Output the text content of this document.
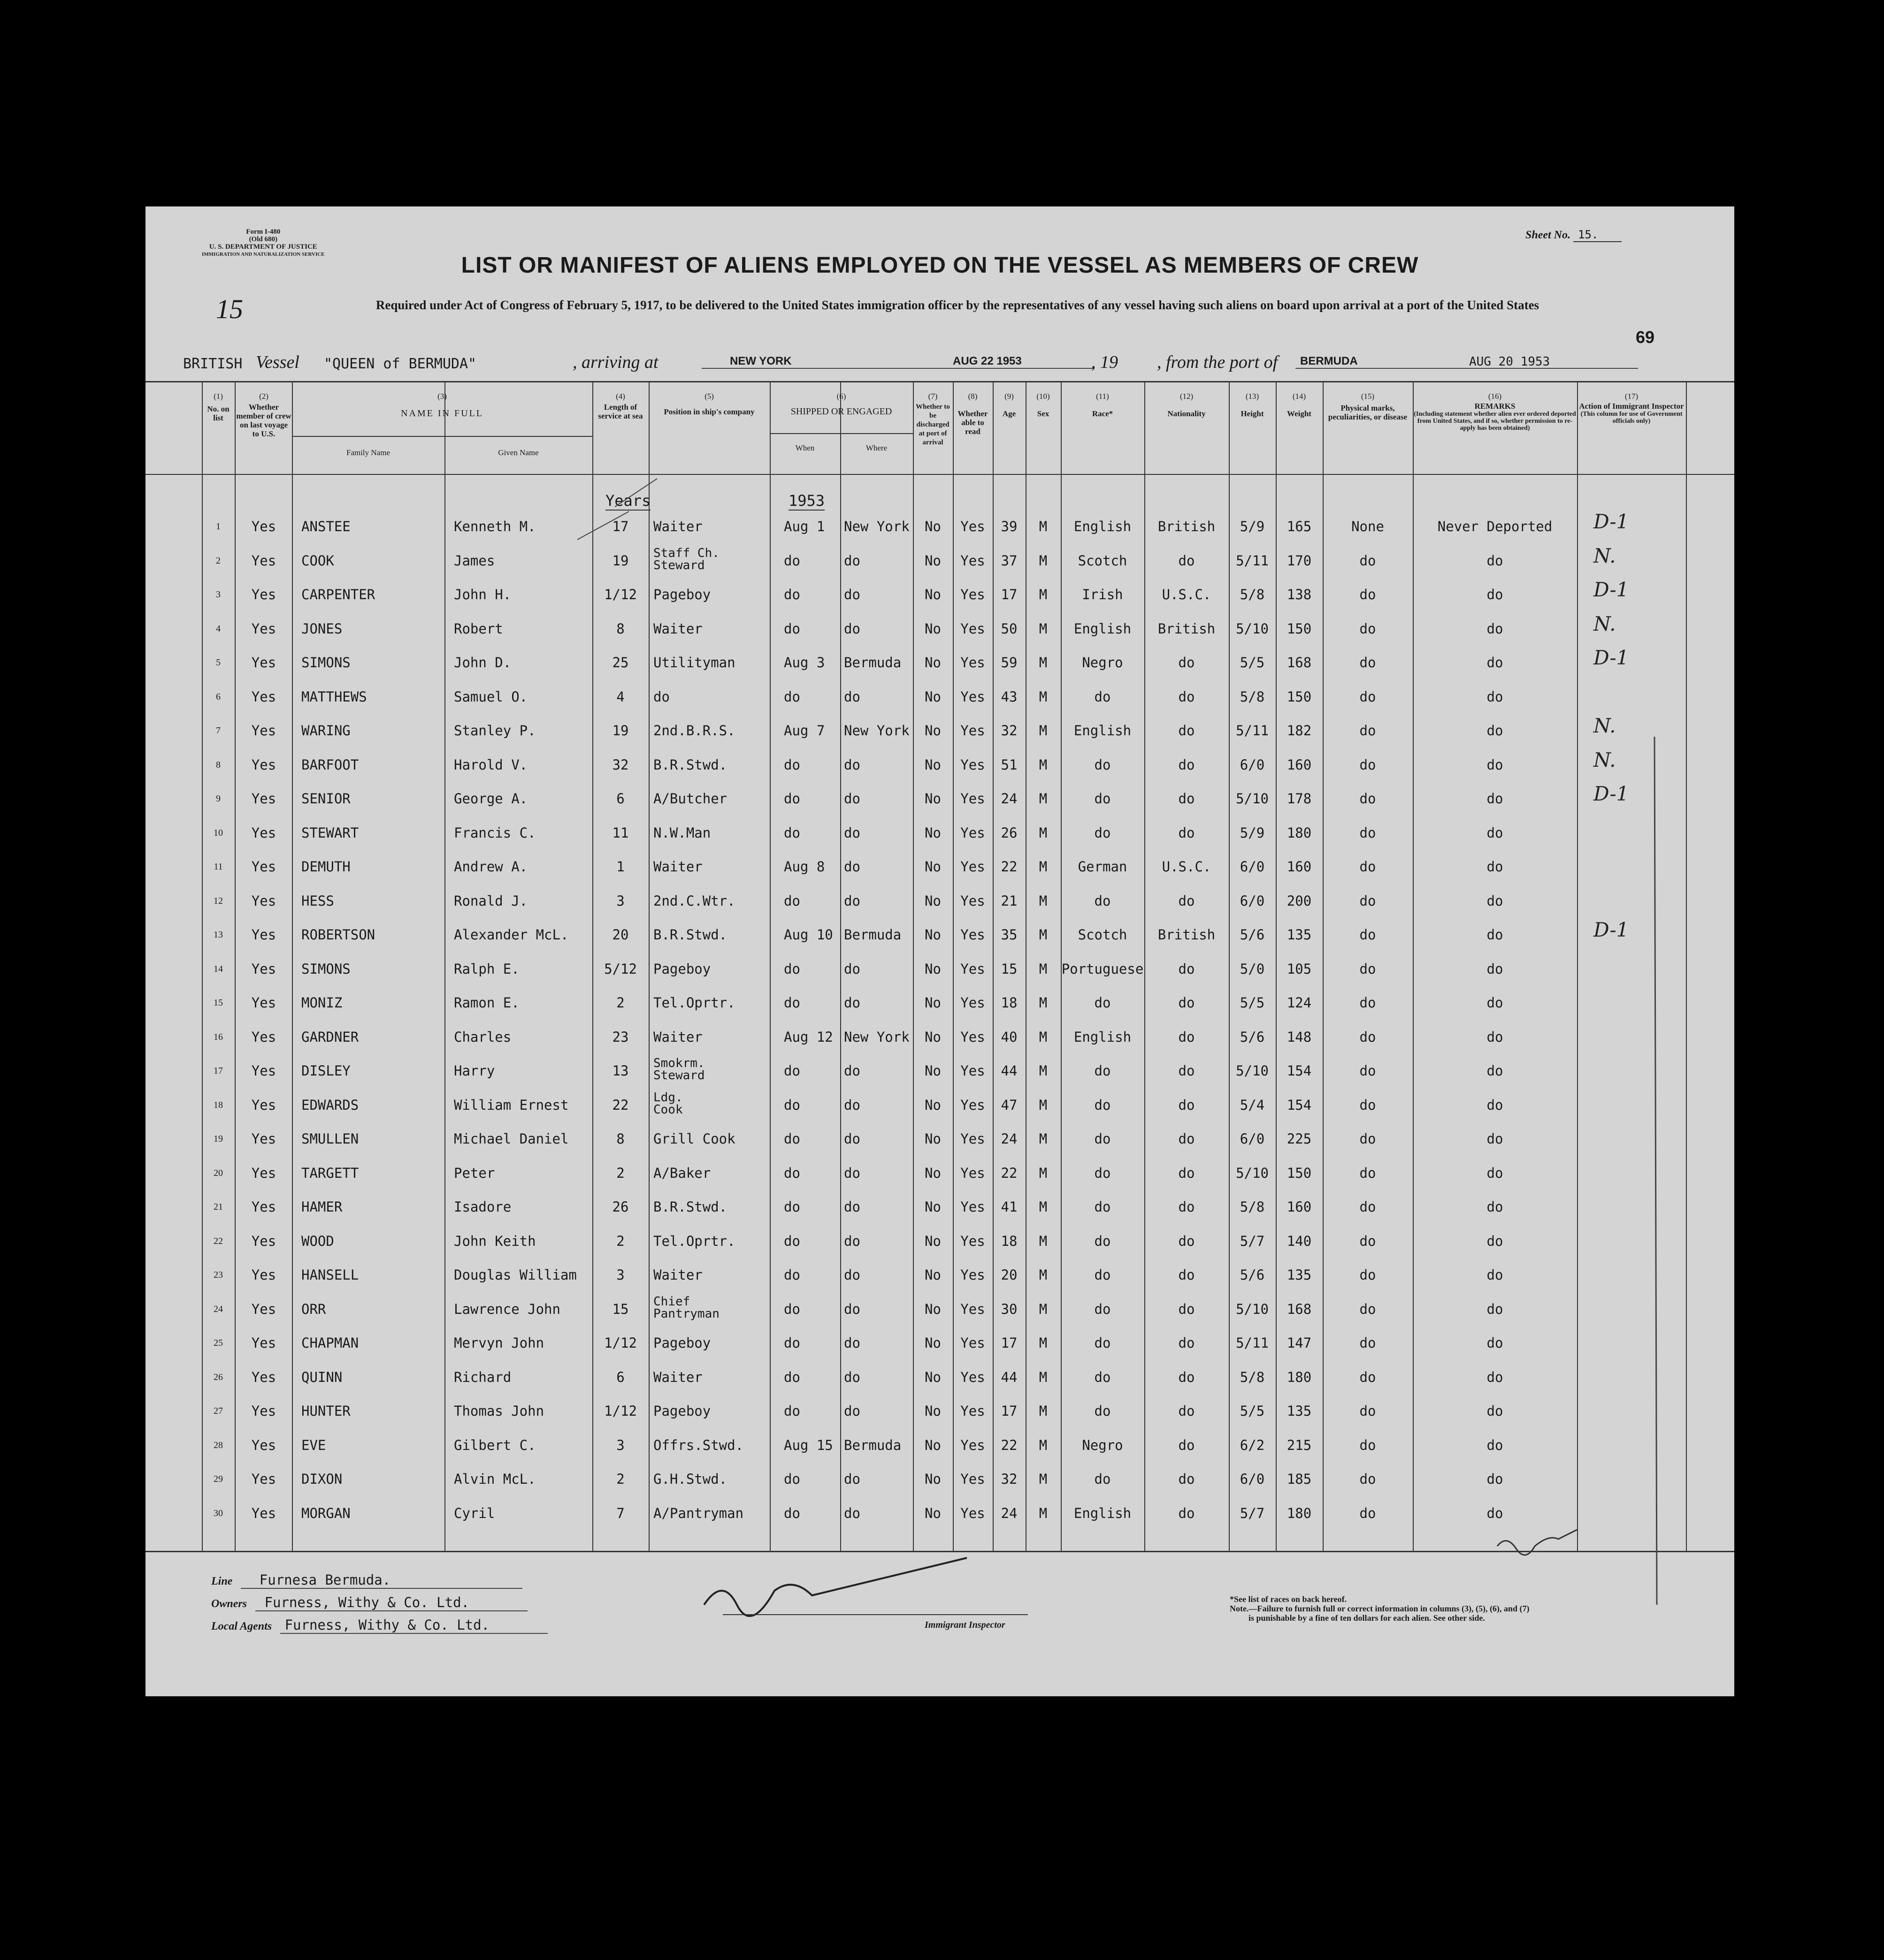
Form I-480
(Old 680)
U. S. DEPARTMENT OF JUSTICE
IMMIGRATION AND NATURALIZATION SERVICE
Sheet No. 15.
LIST OR MANIFEST OF ALIENS EMPLOYED ON THE VESSEL AS MEMBERS OF CREW
15	Required under Act of Congress of February 5, 1917, to be delivered to the United States immigration officer by the representatives of any vessel having such aliens on board upon arrival at a port of the United States
69
BRITISH Vessel "QUEEN of BERMUDA"	, arriving at	NEW YORK	AUG 22 1953	, 19 , from the port of	BERMUDA	AUG 20 1953
(1)
No. on list
(2)
Whether member of crew on last voyage to U.S.
(3)
NAME IN FULL
Family Name	Given Name
(4)
Length of service at sea
(5)
Position in ship's company
(6)
SHIPPED OR ENGAGED
When	Where
(7)
Whether to be discharged at port of arrival
(8)
Whether able to read
(9)
Age
(10)
Sex
(11)
Race*
(12)
Nationality
(13)
Height
(14)
Weight
(15)
Physical marks, peculiarities, or disease
(16)
REMARKS
(Including statement whether alien ever ordered deported from United States, and if so, whether permission to re-apply has been obtained)
(17)
Action of Immigrant Inspector
(This column for use of Government officials only)
Years	1953
1	Yes	ANSTEE	Kenneth M.	17	Waiter	Aug 1	New York	No	Yes	39	M	English	British	5/9	165	None	Never Deported	D-1
2	Yes	COOK	James	19	Staff Ch.
Steward	do	do	No	Yes	37	M	Scotch	do	5/11	170	do	do	N.
3	Yes	CARPENTER	John H.	1/12	Pageboy	do	do	No	Yes	17	M	Irish	U.S.C.	5/8	138	do	do	D-1
4	Yes	JONES	Robert	8	Waiter	do	do	No	Yes	50	M	English	British	5/10	150	do	do	N.
5	Yes	SIMONS	John D.	25	Utilityman	Aug 3	Bermuda	No	Yes	59	M	Negro	do	5/5	168	do	do	D-1
6	Yes	MATTHEWS	Samuel O.	4	do	do	do	No	Yes	43	M	do	do	5/8	150	do	do
7	Yes	WARING	Stanley P.	19	2nd.B.R.S.	Aug 7	New York	No	Yes	32	M	English	do	5/11	182	do	do	N.
8	Yes	BARFOOT	Harold V.	32	B.R.Stwd.	do	do	No	Yes	51	M	do	do	6/0	160	do	do	N.
9	Yes	SENIOR	George A.	6	A/Butcher	do	do	No	Yes	24	M	do	do	5/10	178	do	do	D-1
10	Yes	STEWART	Francis C.	11	N.W.Man	do	do	No	Yes	26	M	do	do	5/9	180	do	do
11	Yes	DEMUTH	Andrew A.	1	Waiter	Aug 8	do	No	Yes	22	M	German	U.S.C.	6/0	160	do	do
12	Yes	HESS	Ronald J.	3	2nd.C.Wtr.	do	do	No	Yes	21	M	do	do	6/0	200	do	do
13	Yes	ROBERTSON	Alexander McL.	20	B.R.Stwd.	Aug 10 Bermuda	No	Yes	35	M	Scotch	British	5/6	135	do	do	D-1
14	Yes	SIMONS	Ralph E.	5/12	Pageboy	do	do	No	Yes	15	M	Portuguese	do	5/0	105	do	do
15	Yes	MONIZ	Ramon E.	2	Tel.Oprtr.	do	do	No	Yes	18	M	do	do	5/5	124	do	do
16	Yes	GARDNER	Charles	23	Waiter	Aug 12 New York	No	Yes	40	M	English	do	5/6	148	do	do
17	Yes	DISLEY	Harry	13	Smokrm.
Steward	do	do	No	Yes	44	M	do	do	5/10	154	do	do
18	Yes	EDWARDS	William Ernest	22	Ldg.
Cook	do	do	No	Yes	47	M	do	do	5/4	154	do	do
19	Yes	SMULLEN	Michael Daniel	8	Grill Cook	do	do	No	Yes	24	M	do	do	6/0	225	do	do
20	Yes	TARGETT	Peter	2	A/Baker	do	do	No	Yes	22	M	do	do	5/10	150	do	do
21	Yes	HAMER	Isadore	26	B.R.Stwd.	do	do	No	Yes	41	M	do	do	5/8	160	do	do
22	Yes	WOOD	John Keith	2	Tel.Oprtr.	do	do	No	Yes	18	M	do	do	5/7	140	do	do
23	Yes	HANSELL	Douglas William	3	Waiter	do	do	No	Yes	20	M	do	do	5/6	135	do	do
24	Yes	ORR	Lawrence John	15	Chief
Pantryman	do	do	No	Yes	30	M	do	do	5/10	168	do	do
25	Yes	CHAPMAN	Mervyn John	1/12	Pageboy	do	do	No	Yes	17	M	do	do	5/11	147	do	do
26	Yes	QUINN	Richard	6	Waiter	do	do	No	Yes	44	M	do	do	5/8	180	do	do
27	Yes	HUNTER	Thomas John	1/12	Pageboy	do	do	No	Yes	17	M	do	do	5/5	135	do	do
28	Yes	EVE	Gilbert C.	3	Offrs.Stwd.	Aug 15 Bermuda	No	Yes	22	M	Negro	do	6/2	215	do	do
29	Yes	DIXON	Alvin McL.	2	G.H.Stwd.	do	do	No	Yes	32	M	do	do	6/0	185	do	do
30	Yes	MORGAN	Cyril	7	A/Pantryman	do	do	No	Yes	24	M	English	do	5/7	180	do	do
Line Furnesa Bermuda.
Owners Furness, Withy & Co. Ltd.
Local Agents Furness, Withy & Co. Ltd.	Immigrant Inspector
*See list of races on back hereof.
Note.—Failure to furnish full or correct information in columns (3), (5), (6), and (7)
is punishable by a fine of ten dollars for each alien. See other side.
